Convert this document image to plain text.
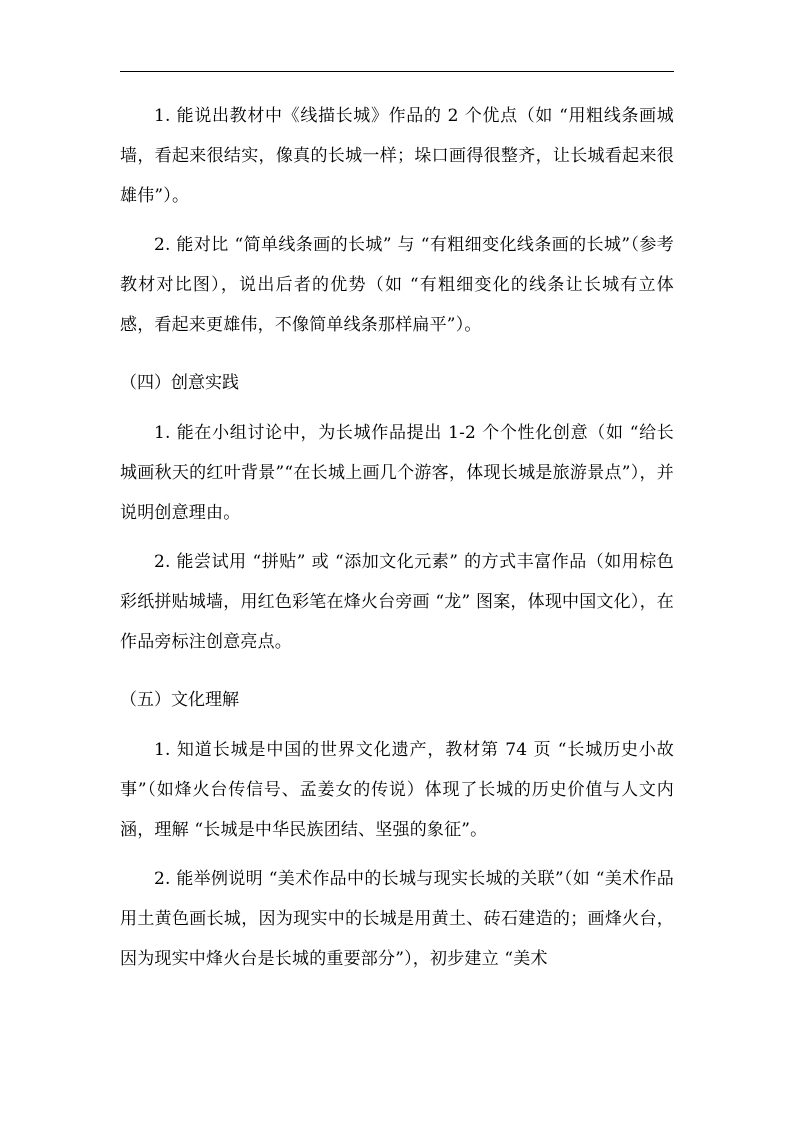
1. 能说出教材中《线描长城》作品的 2 个优点（如 “用粗线条画城墙，看起来很结实，像真的长城一样；垛口画得很整齐，让长城看起来很雄伟”）。

2. 能对比 “简单线条画的长城” 与 “有粗细变化线条画的长城”（参考教材对比图），说出后者的优势（如 “有粗细变化的线条让长城有立体感，看起来更雄伟，不像简单线条那样扁平”）。

（四）创意实践

1. 能在小组讨论中，为长城作品提出 1-2 个个性化创意（如 “给长城画秋天的红叶背景”“在长城上画几个游客，体现长城是旅游景点”），并说明创意理由。

2. 能尝试用 “拼贴” 或 “添加文化元素” 的方式丰富作品（如用棕色彩纸拼贴城墙，用红色彩笔在烽火台旁画 “龙” 图案，体现中国文化），在作品旁标注创意亮点。

（五）文化理解

1. 知道长城是中国的世界文化遗产，教材第 74 页 “长城历史小故事”（如烽火台传信号、孟姜女的传说）体现了长城的历史价值与人文内涵，理解 “长城是中华民族团结、坚强的象征”。

2. 能举例说明 “美术作品中的长城与现实长城的关联”（如 “美术作品用土黄色画长城，因为现实中的长城是用黄土、砖石建造的；画烽火台，因为现实中烽火台是长城的重要部分”），初步建立 “美术
